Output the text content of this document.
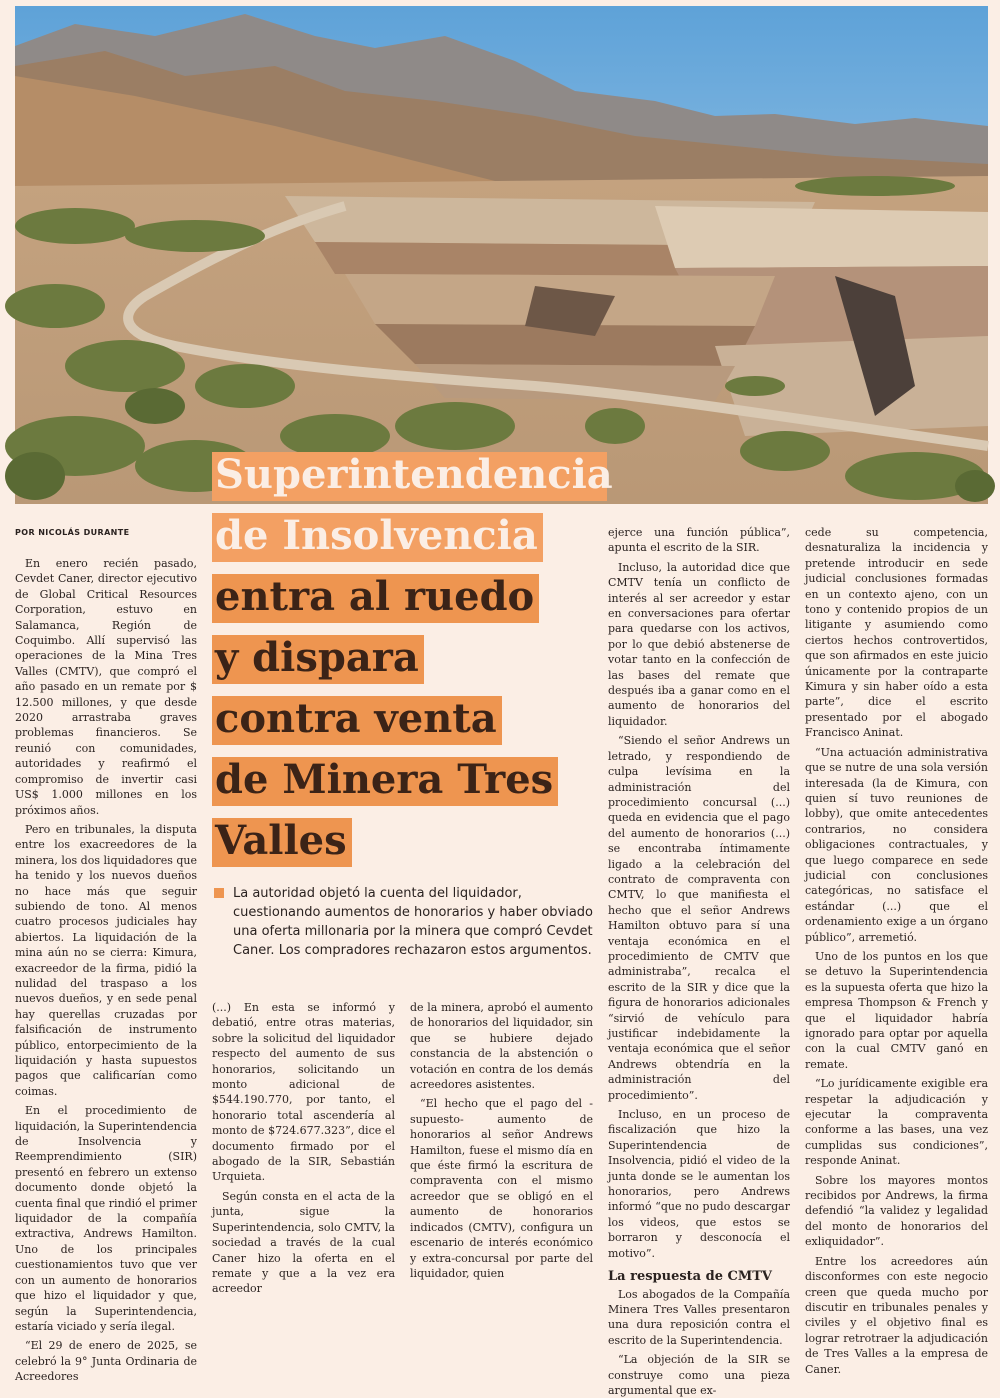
Superintendencia
de Insolvencia
entra al ruedo
y dispara
contra venta
de Minera Tres
Valles
POR NICOLÁS DURANTE
La autoridad objetó la cuenta del liquidador, cuestionando aumentos de honorarios y haber obviado una oferta millonaria por la minera que compró Cevdet Caner. Los compradores rechazaron estos argumentos.

En enero recién pasado, Cevdet Caner, director ejecutivo de Global Critical Resources Corporation, estuvo en Salamanca, Región de Coquimbo. Allí supervisó las operaciones de la Mina Tres Valles (CMTV), que compró el año pasado en un remate por $ 12.500 millones, y que desde 2020 arrastraba graves problemas financieros. Se reunió con comunidades, autoridades y reafirmó el compromiso de invertir casi US$ 1.000 millones en los próximos años.

Pero en tribunales, la disputa entre los exacreedores de la minera, los dos liquidadores que ha tenido y los nuevos dueños no hace más que seguir subiendo de tono. Al menos cuatro procesos judiciales hay abiertos. La liquidación de la mina aún no se cierra: Kimura, exacreedor de la firma, pidió la nulidad del traspaso a los nuevos dueños, y en sede penal hay querellas cruzadas por falsificación de instrumento público, entorpecimiento de la liquidación y hasta supuestos pagos que calificarían como coimas.

En el procedimiento de liquidación, la Superintendencia de Insolvencia y Reemprendimiento (SIR) presentó en febrero un extenso documento donde objetó la cuenta final que rindió el primer liquidador de la compañía extractiva, Andrews Hamilton. Uno de los principales cuestionamientos tuvo que ver con un aumento de honorarios que hizo el liquidador y que, según la Superintendencia, estaría viciado y sería ilegal.

“El 29 de enero de 2025, se celebró la 9° Junta Ordinaria de Acreedores

(...) En esta se informó y debatió, entre otras materias, sobre la solicitud del liquidador respecto del aumento de sus honorarios, solicitando un monto adicional de $544.190.770, por tanto, el honorario total ascendería al monto de $724.677.323”, dice el documento firmado por el abogado de la SIR, Sebastián Urquieta.

Según consta en el acta de la junta, sigue la Superintendencia, solo CMTV, la sociedad a través de la cual Caner hizo la oferta en el remate y que a la vez era acreedor

de la minera, aprobó el aumento de honorarios del liquidador, sin que se hubiere dejado constancia de la abstención o votación en contra de los demás acreedores asistentes.

“El hecho que el pago del -supuesto- aumento de honorarios al señor Andrews Hamilton, fuese el mismo día en que éste firmó la escritura de compraventa con el mismo acreedor que se obligó en el aumento de honorarios indicados (CMTV), configura un escenario de interés económico y extra-concursal por parte del liquidador, quien

ejerce una función pública”, apunta el escrito de la SIR.

Incluso, la autoridad dice que CMTV tenía un conflicto de interés al ser acreedor y estar en conversaciones para ofertar para quedarse con los activos, por lo que debió abstenerse de votar tanto en la confección de las bases del remate que después iba a ganar como en el aumento de honorarios del liquidador.

“Siendo el señor Andrews un letrado, y respondiendo de culpa levísima en la administración del procedimiento concursal (...) queda en evidencia que el pago del aumento de honorarios (...) se encontraba íntimamente ligado a la celebración del contrato de compraventa con CMTV, lo que manifiesta el hecho que el señor Andrews Hamilton obtuvo para sí una ventaja económica en el procedimiento de CMTV que administraba”, recalca el escrito de la SIR y dice que la figura de honorarios adicionales “sirvió de vehículo para justificar indebidamente la ventaja económica que el señor Andrews obtendría en la administración del procedimiento”.

Incluso, en un proceso de fiscalización que hizo la Superintendencia de Insolvencia, pidió el video de la junta donde se le aumentan los honorarios, pero Andrews informó “que no pudo descargar los videos, que estos se borraron y desconocía el motivo”.

La respuesta de CMTV

Los abogados de la Compañía Minera Tres Valles presentaron una dura reposición contra el escrito de la Superintendencia.

“La objeción de la SIR se construye como una pieza argumental que ex-

cede su competencia, desnaturaliza la incidencia y pretende introducir en sede judicial conclusiones formadas en un contexto ajeno, con un tono y contenido propios de un litigante y asumiendo como ciertos hechos controvertidos, que son afirmados en este juicio únicamente por la contraparte Kimura y sin haber oído a esta parte”, dice el escrito presentado por el abogado Francisco Aninat.

“Una actuación administrativa que se nutre de una sola versión interesada (la de Kimura, con quien sí tuvo reuniones de lobby), que omite antecedentes contrarios, no considera obligaciones contractuales, y que luego comparece en sede judicial con conclusiones categóricas, no satisface el estándar (...) que el ordenamiento exige a un órgano público”, arremetió.

Uno de los puntos en los que se detuvo la Superintendencia es la supuesta oferta que hizo la empresa Thompson & French y que el liquidador habría ignorado para optar por aquella con la cual CMTV ganó en remate.

“Lo jurídicamente exigible era respetar la adjudicación y ejecutar la compraventa conforme a las bases, una vez cumplidas sus condiciones”, responde Aninat.

Sobre los mayores montos recibidos por Andrews, la firma defendió “la validez y legalidad del monto de honorarios del exliquidador”.

Entre los acreedores aún disconformes con este negocio creen que queda mucho por discutir en tribunales penales y civiles y el objetivo final es lograr retrotraer la adjudicación de Tres Valles a la empresa de Caner.
